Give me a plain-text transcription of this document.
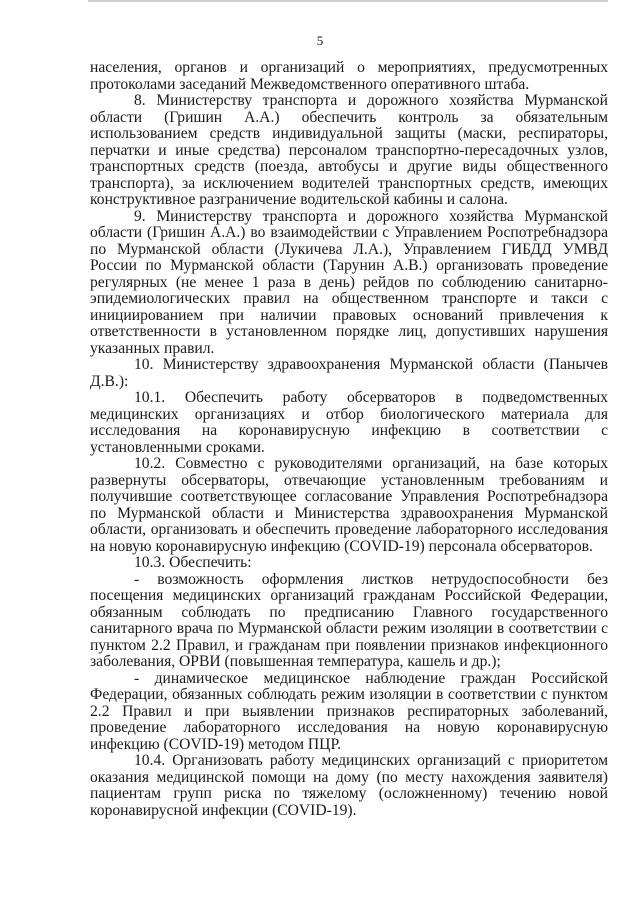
5

населения, органов и организаций о мероприятиях, предусмотренных протоколами заседаний Межведомственного оперативного штаба.

8. Министерству транспорта и дорожного хозяйства Мурманской области (Гришин А.А.) обеспечить контроль за обязательным использованием средств индивидуальной защиты (маски, респираторы, перчатки и иные средства) персоналом транспортно-пересадочных узлов, транспортных средств (поезда, автобусы и другие виды общественного транспорта), за исключением водителей транспортных средств, имеющих конструктивное разграничение водительской кабины и салона.

9. Министерству транспорта и дорожного хозяйства Мурманской области (Гришин А.А.) во взаимодействии с Управлением Роспотребнадзора по Мурманской области (Лукичева Л.А.), Управлением ГИБДД УМВД России по Мурманской области (Тарунин А.В.) организовать проведение регулярных (не менее 1 раза в день) рейдов по соблюдению санитарно-эпидемиологических правил на общественном транспорте и такси с инициированием при наличии правовых оснований привлечения к ответственности в установленном порядке лиц, допустивших нарушения указанных правил.

10. Министерству здравоохранения Мурманской области (Панычев Д.В.):

10.1. Обеспечить работу обсерваторов в подведомственных медицинских организациях и отбор биологического материала для исследования на коронавирусную инфекцию в соответствии с установленными сроками.

10.2. Совместно с руководителями организаций, на базе которых развернуты обсерваторы, отвечающие установленным требованиям и получившие соответствующее согласование Управления Роспотребнадзора по Мурманской области и Министерства здравоохранения Мурманской области, организовать и обеспечить проведение лабораторного исследования на новую коронавирусную инфекцию (COVID-19) персонала обсерваторов.

10.3. Обеспечить:

- возможность оформления листков нетрудоспособности без посещения медицинских организаций гражданам Российской Федерации, обязанным соблюдать по предписанию Главного государственного санитарного врача по Мурманской области режим изоляции в соответствии с пунктом 2.2 Правил, и гражданам при появлении признаков инфекционного заболевания, ОРВИ (повышенная температура, кашель и др.);

- динамическое медицинское наблюдение граждан Российской Федерации, обязанных соблюдать режим изоляции в соответствии с пунктом 2.2 Правил и при выявлении признаков респираторных заболеваний, проведение лабораторного исследования на новую коронавирусную инфекцию (COVID-19) методом ПЦР.

10.4. Организовать работу медицинских организаций с приоритетом оказания медицинской помощи на дому (по месту нахождения заявителя) пациентам групп риска по тяжелому (осложненному) течению новой коронавирусной инфекции (COVID-19).
